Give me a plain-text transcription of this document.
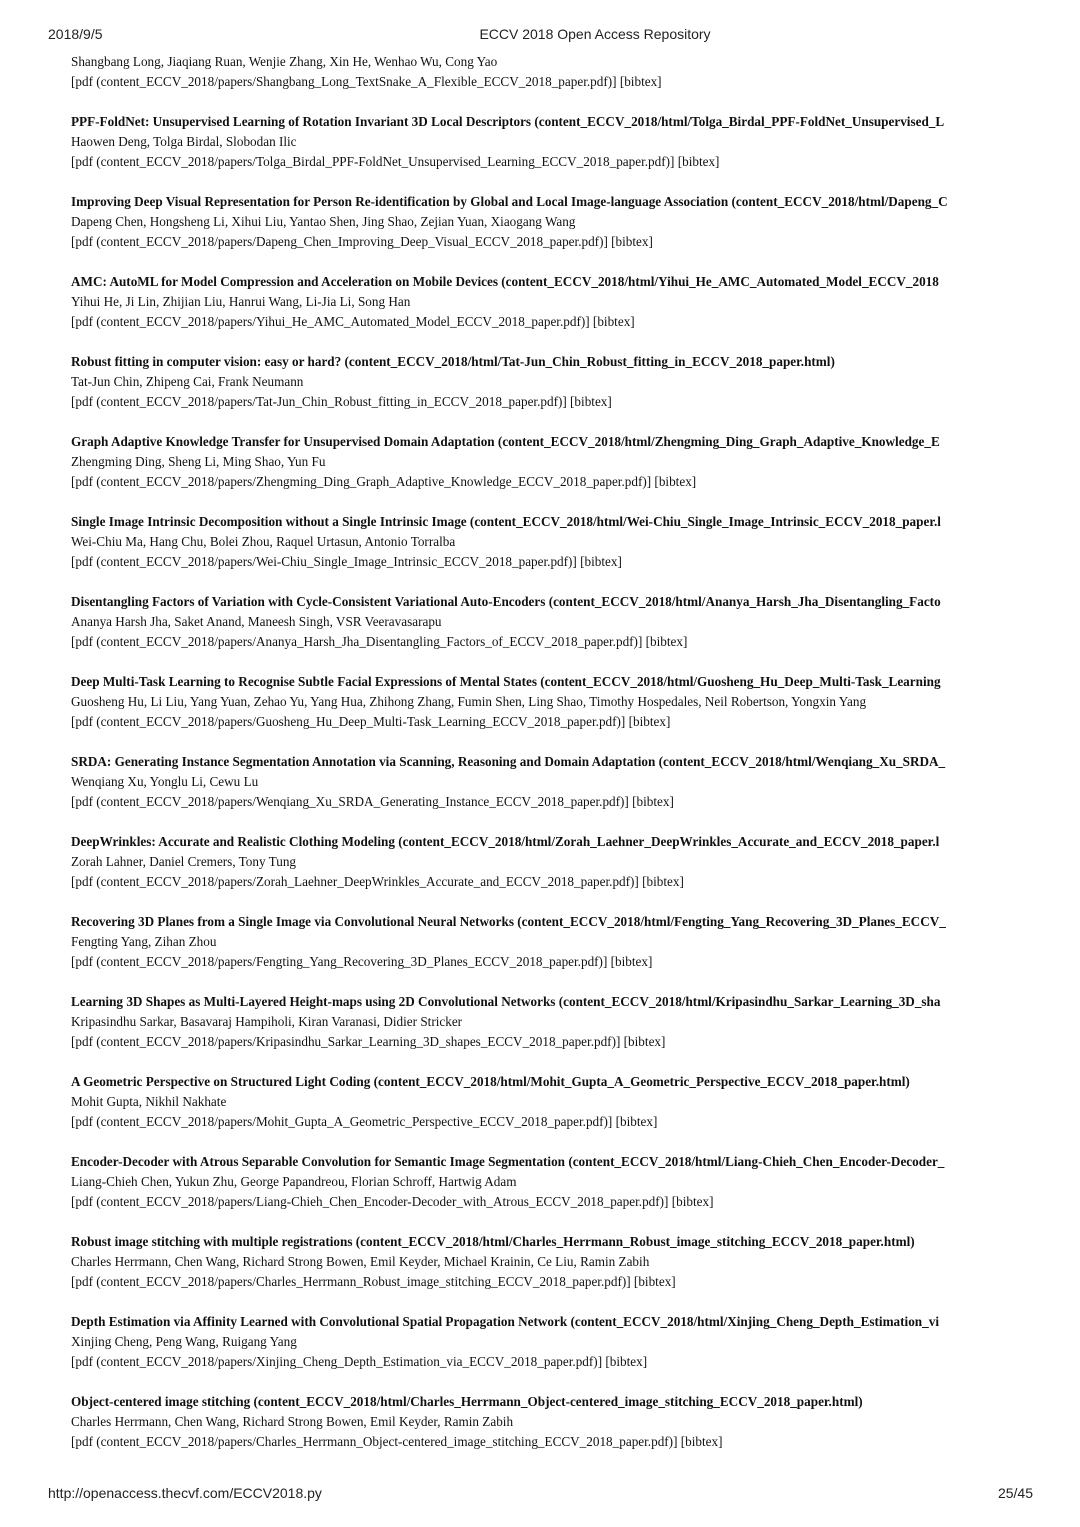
2018/9/5	ECCV 2018 Open Access Repository
Shangbang Long, Jiaqiang Ruan, Wenjie Zhang, Xin He, Wenhao Wu, Cong Yao
[pdf (content_ECCV_2018/papers/Shangbang_Long_TextSnake_A_Flexible_ECCV_2018_paper.pdf)] [bibtex]
PPF-FoldNet: Unsupervised Learning of Rotation Invariant 3D Local Descriptors (content_ECCV_2018/html/Tolga_Birdal_PPF-FoldNet_Unsupervised_L
Haowen Deng, Tolga Birdal, Slobodan Ilic
[pdf (content_ECCV_2018/papers/Tolga_Birdal_PPF-FoldNet_Unsupervised_Learning_ECCV_2018_paper.pdf)] [bibtex]
Improving Deep Visual Representation for Person Re-identification by Global and Local Image-language Association (content_ECCV_2018/html/Dapeng_C
Dapeng Chen, Hongsheng Li, Xihui Liu, Yantao Shen, Jing Shao, Zejian Yuan, Xiaogang Wang
[pdf (content_ECCV_2018/papers/Dapeng_Chen_Improving_Deep_Visual_ECCV_2018_paper.pdf)] [bibtex]
AMC: AutoML for Model Compression and Acceleration on Mobile Devices (content_ECCV_2018/html/Yihui_He_AMC_Automated_Model_ECCV_2018
Yihui He, Ji Lin, Zhijian Liu, Hanrui Wang, Li-Jia Li, Song Han
[pdf (content_ECCV_2018/papers/Yihui_He_AMC_Automated_Model_ECCV_2018_paper.pdf)] [bibtex]
Robust fitting in computer vision: easy or hard? (content_ECCV_2018/html/Tat-Jun_Chin_Robust_fitting_in_ECCV_2018_paper.html)
Tat-Jun Chin, Zhipeng Cai, Frank Neumann
[pdf (content_ECCV_2018/papers/Tat-Jun_Chin_Robust_fitting_in_ECCV_2018_paper.pdf)] [bibtex]
Graph Adaptive Knowledge Transfer for Unsupervised Domain Adaptation (content_ECCV_2018/html/Zhengming_Ding_Graph_Adaptive_Knowledge_E
Zhengming Ding, Sheng Li, Ming Shao, Yun Fu
[pdf (content_ECCV_2018/papers/Zhengming_Ding_Graph_Adaptive_Knowledge_ECCV_2018_paper.pdf)] [bibtex]
Single Image Intrinsic Decomposition without a Single Intrinsic Image (content_ECCV_2018/html/Wei-Chiu_Single_Image_Intrinsic_ECCV_2018_paper.l
Wei-Chiu Ma, Hang Chu, Bolei Zhou, Raquel Urtasun, Antonio Torralba
[pdf (content_ECCV_2018/papers/Wei-Chiu_Single_Image_Intrinsic_ECCV_2018_paper.pdf)] [bibtex]
Disentangling Factors of Variation with Cycle-Consistent Variational Auto-Encoders (content_ECCV_2018/html/Ananya_Harsh_Jha_Disentangling_Facto
Ananya Harsh Jha, Saket Anand, Maneesh Singh, VSR Veeravasarapu
[pdf (content_ECCV_2018/papers/Ananya_Harsh_Jha_Disentangling_Factors_of_ECCV_2018_paper.pdf)] [bibtex]
Deep Multi-Task Learning to Recognise Subtle Facial Expressions of Mental States (content_ECCV_2018/html/Guosheng_Hu_Deep_Multi-Task_Learning
Guosheng Hu, Li Liu, Yang Yuan, Zehao Yu, Yang Hua, Zhihong Zhang, Fumin Shen, Ling Shao, Timothy Hospedales, Neil Robertson, Yongxin Yang
[pdf (content_ECCV_2018/papers/Guosheng_Hu_Deep_Multi-Task_Learning_ECCV_2018_paper.pdf)] [bibtex]
SRDA: Generating Instance Segmentation Annotation via Scanning, Reasoning and Domain Adaptation (content_ECCV_2018/html/Wenqiang_Xu_SRDA_
Wenqiang Xu, Yonglu Li, Cewu Lu
[pdf (content_ECCV_2018/papers/Wenqiang_Xu_SRDA_Generating_Instance_ECCV_2018_paper.pdf)] [bibtex]
DeepWrinkles: Accurate and Realistic Clothing Modeling (content_ECCV_2018/html/Zorah_Laehner_DeepWrinkles_Accurate_and_ECCV_2018_paper.l
Zorah Lahner, Daniel Cremers, Tony Tung
[pdf (content_ECCV_2018/papers/Zorah_Laehner_DeepWrinkles_Accurate_and_ECCV_2018_paper.pdf)] [bibtex]
Recovering 3D Planes from a Single Image via Convolutional Neural Networks (content_ECCV_2018/html/Fengting_Yang_Recovering_3D_Planes_ECCV_
Fengting Yang, Zihan Zhou
[pdf (content_ECCV_2018/papers/Fengting_Yang_Recovering_3D_Planes_ECCV_2018_paper.pdf)] [bibtex]
Learning 3D Shapes as Multi-Layered Height-maps using 2D Convolutional Networks (content_ECCV_2018/html/Kripasindhu_Sarkar_Learning_3D_sha
Kripasindhu Sarkar, Basavaraj Hampiholi, Kiran Varanasi, Didier Stricker
[pdf (content_ECCV_2018/papers/Kripasindhu_Sarkar_Learning_3D_shapes_ECCV_2018_paper.pdf)] [bibtex]
A Geometric Perspective on Structured Light Coding (content_ECCV_2018/html/Mohit_Gupta_A_Geometric_Perspective_ECCV_2018_paper.html)
Mohit Gupta, Nikhil Nakhate
[pdf (content_ECCV_2018/papers/Mohit_Gupta_A_Geometric_Perspective_ECCV_2018_paper.pdf)] [bibtex]
Encoder-Decoder with Atrous Separable Convolution for Semantic Image Segmentation (content_ECCV_2018/html/Liang-Chieh_Chen_Encoder-Decoder_
Liang-Chieh Chen, Yukun Zhu, George Papandreou, Florian Schroff, Hartwig Adam
[pdf (content_ECCV_2018/papers/Liang-Chieh_Chen_Encoder-Decoder_with_Atrous_ECCV_2018_paper.pdf)] [bibtex]
Robust image stitching with multiple registrations (content_ECCV_2018/html/Charles_Herrmann_Robust_image_stitching_ECCV_2018_paper.html)
Charles Herrmann, Chen Wang, Richard Strong Bowen, Emil Keyder, Michael Krainin, Ce Liu, Ramin Zabih
[pdf (content_ECCV_2018/papers/Charles_Herrmann_Robust_image_stitching_ECCV_2018_paper.pdf)] [bibtex]
Depth Estimation via Affinity Learned with Convolutional Spatial Propagation Network (content_ECCV_2018/html/Xinjing_Cheng_Depth_Estimation_vi
Xinjing Cheng, Peng Wang, Ruigang Yang
[pdf (content_ECCV_2018/papers/Xinjing_Cheng_Depth_Estimation_via_ECCV_2018_paper.pdf)] [bibtex]
Object-centered image stitching (content_ECCV_2018/html/Charles_Herrmann_Object-centered_image_stitching_ECCV_2018_paper.html)
Charles Herrmann, Chen Wang, Richard Strong Bowen, Emil Keyder, Ramin Zabih
[pdf (content_ECCV_2018/papers/Charles_Herrmann_Object-centered_image_stitching_ECCV_2018_paper.pdf)] [bibtex]
http://openaccess.thecvf.com/ECCV2018.py	25/45
